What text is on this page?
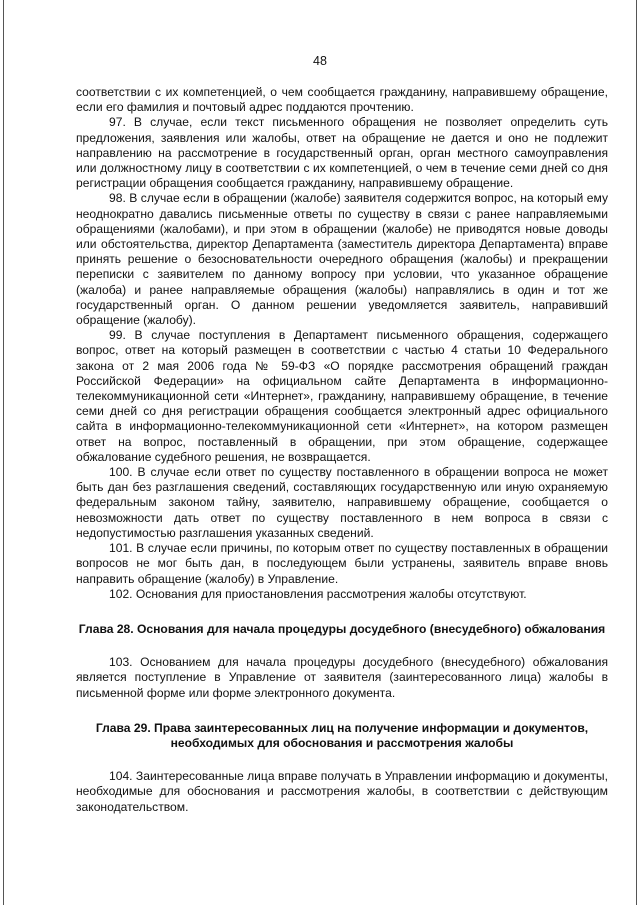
48

соответствии с их компетенцией, о чем сообщается гражданину, направившему обращение, если его фамилия и почтовый адрес поддаются прочтению.

97. В случае, если текст письменного обращения не позволяет определить суть предложения, заявления или жалобы, ответ на обращение не дается и оно не подлежит направлению на рассмотрение в государственный орган, орган местного самоуправления или должностному лицу в соответствии с их компетенцией, о чем в течение семи дней со дня регистрации обращения сообщается гражданину, направившему обращение.

98. В случае если в обращении (жалобе) заявителя содержится вопрос, на который ему неоднократно давались письменные ответы по существу в связи с ранее направляемыми обращениями (жалобами), и при этом в обращении (жалобе) не приводятся новые доводы или обстоятельства, директор Департамента (заместитель директора Департамента) вправе принять решение о безосновательности очередного обращения (жалобы) и прекращении переписки с заявителем по данному вопросу при условии, что указанное обращение (жалоба) и ранее направляемые обращения (жалобы) направлялись в один и тот же государственный орган. О данном решении уведомляется заявитель, направивший обращение (жалобу).

99. В случае поступления в Департамент письменного обращения, содержащего вопрос, ответ на который размещен в соответствии с частью 4 статьи 10 Федерального закона от 2 мая 2006 года № 59-ФЗ «О порядке рассмотрения обращений граждан Российской Федерации» на официальном сайте Департамента в информационно-телекоммуникационной сети «Интернет», гражданину, направившему обращение, в течение семи дней со дня регистрации обращения сообщается электронный адрес официального сайта в информационно-телекоммуникационной сети «Интернет», на котором размещен ответ на вопрос, поставленный в обращении, при этом обращение, содержащее обжалование судебного решения, не возвращается.

100. В случае если ответ по существу поставленного в обращении вопроса не может быть дан без разглашения сведений, составляющих государственную или иную охраняемую федеральным законом тайну, заявителю, направившему обращение, сообщается о невозможности дать ответ по существу поставленного в нем вопроса в связи с недопустимостью разглашения указанных сведений.

101. В случае если причины, по которым ответ по существу поставленных в обращении вопросов не мог быть дан, в последующем были устранены, заявитель вправе вновь направить обращение (жалобу) в Управление.

102. Основания для приостановления рассмотрения жалобы отсутствуют.

Глава 28. Основания для начала процедуры досудебного (внесудебного) обжалования

103. Основанием для начала процедуры досудебного (внесудебного) обжалования является поступление в Управление от заявителя (заинтересованного лица) жалобы в письменной форме или форме электронного документа.

Глава 29. Права заинтересованных лиц на получение информации и документов, необходимых для обоснования и рассмотрения жалобы

104. Заинтересованные лица вправе получать в Управлении информацию и документы, необходимые для обоснования и рассмотрения жалобы, в соответствии с действующим законодательством.
